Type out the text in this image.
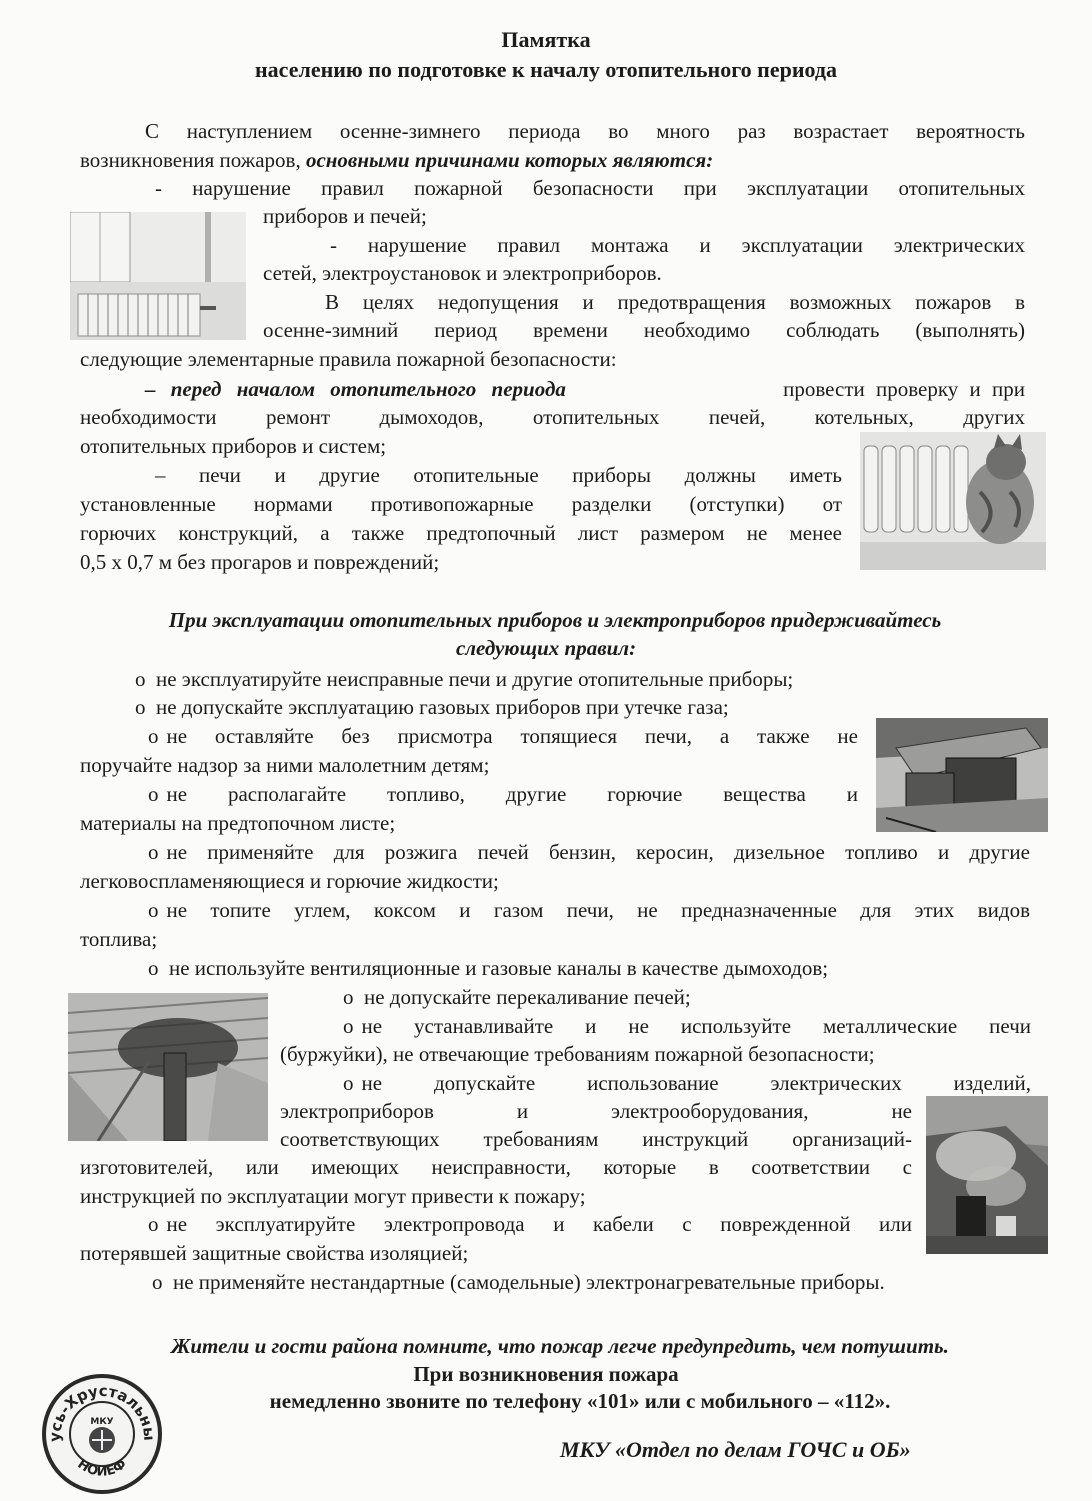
Памятка
населению по подготовке к началу отопительного периода
С наступлением осенне-зимнего периода во много раз возрастает вероятность
возникновения пожаров, основными причинами которых являются:
- нарушение правил пожарной безопасности при эксплуатации отопительных
приборов и печей;
- нарушение правил монтажа и эксплуатации электрических
сетей, электроустановок и электроприборов.
В целях недопущения и предотвращения возможных пожаров в
осенне-зимний период времени необходимо соблюдать (выполнять)
следующие элементарные правила пожарной безопасности:
– перед началом отопительного периода	провести проверку и при
необходимости ремонт дымоходов, отопительных печей, котельных, других
отопительных приборов и систем;
– печи и другие отопительные приборы должны иметь
установленные нормами противопожарные разделки (отступки) от
горючих конструкций, а также предтопочный лист размером не менее
0,5 х 0,7 м без прогаров и повреждений;
При эксплуатации отопительных приборов и электроприборов придерживайтесь
следующих правил:
o не эксплуатируйте неисправные печи и другие отопительные приборы;
o не допускайте эксплуатацию газовых приборов при утечке газа;
o не оставляйте без присмотра топящиеся печи, а также не
поручайте надзор за ними малолетним детям;
o не располагайте топливо, другие горючие вещества и
материалы на предтопочном листе;
o не применяйте для розжига печей бензин, керосин, дизельное топливо и другие
легковоспламеняющиеся и горючие жидкости;
o не топите углем, коксом и газом печи, не предназначенные для этих видов
топлива;
o не используйте вентиляционные и газовые каналы в качестве дымоходов;
o не допускайте перекаливание печей;
o не устанавливайте и не используйте металлические печи
(буржуйки), не отвечающие требованиям пожарной безопасности;
o не допускайте использование электрических изделий,
электроприборов и электрооборудования, не
соответствующих требованиям инструкций организаций-
изготовителей, или имеющих неисправности, которые в соответствии с
инструкцией по эксплуатации могут привести к пожару;
o не эксплуатируйте электропровода и кабели с поврежденной или
потерявшей защитные свойства изоляцией;
o не применяйте нестандартные (самодельные) электронагревательные приборы.
Жители и гости района помните, что пожар легче предупредить, чем потушить.
При возникновения пожара
немедленно звоните по телефону «101» или с мобильного – «112».
МКУ «Отдел по делам ГОЧС и ОБ»
усь-Хрустальны
НОИЕФ
МКУ
